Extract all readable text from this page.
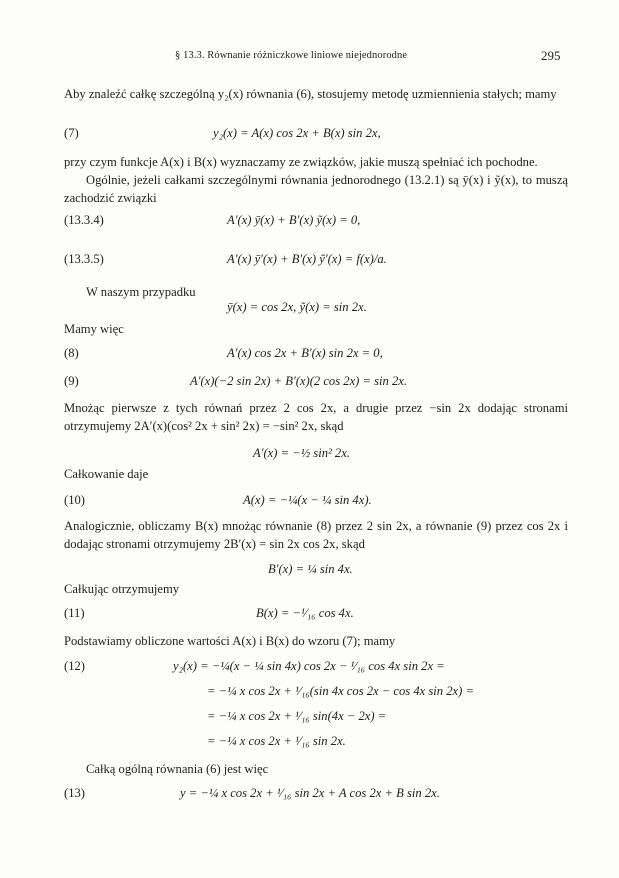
§ 13.3. Równanie różniczkowe liniowe niejednorodne	295
Aby znaleźć całkę szczególną y₂(x) równania (6), stosujemy metodę uzmiennienia stałych; mamy
(7)	y₂(x) = A(x) cos 2x + B(x) sin 2x,
przy czym funkcje A(x) i B(x) wyznaczamy ze związków, jakie muszą spełniać ich pochodne.
Ogólnie, jeżeli całkami szczególnymi równania jednorodnego (13.2.1) są ȳ(x) i ỹ(x), to muszą zachodzić związki
(13.3.4)	A′(x) ȳ(x) + B′(x) ỹ(x) = 0,
(13.3.5)	A′(x) ȳ′(x) + B′(x) ỹ′(x) = f(x)/a.
W naszym przypadku
ȳ(x) = cos 2x, ỹ(x) = sin 2x.
Mamy więc
(8)	A′(x) cos 2x + B′(x) sin 2x = 0,
(9)	A′(x)(−2 sin 2x) + B′(x)(2 cos 2x) = sin 2x.
Mnożąc pierwsze z tych równań przez 2 cos 2x, a drugie przez −sin 2x dodając stronami otrzymujemy 2A′(x)(cos² 2x + sin² 2x) = −sin² 2x, skąd
A′(x) = −½ sin² 2x.
Całkowanie daje
(10)	A(x) = −¼(x − ¼ sin 4x).
Analogicznie, obliczamy B(x) mnożąc równanie (8) przez 2 sin 2x, a równanie (9) przez cos 2x i dodając stronami otrzymujemy 2B′(x) = sin 2x cos 2x, skąd
B′(x) = ¼ sin 4x.
Całkując otrzymujemy
(11)	B(x) = −¹⁄₁₆ cos 4x.
Podstawiamy obliczone wartości A(x) i B(x) do wzoru (7); mamy
(12)	y₂(x) = −¼(x − ¼ sin 4x) cos 2x − ¹⁄₁₆ cos 4x sin 2x =
= −¼ x cos 2x + ¹⁄₁₆(sin 4x cos 2x − cos 4x sin 2x) =
= −¼ x cos 2x + ¹⁄₁₆ sin(4x − 2x) =
= −¼ x cos 2x + ¹⁄₁₆ sin 2x.
Całką ogólną równania (6) jest więc
(13)	y = −¼ x cos 2x + ¹⁄₁₆ sin 2x + A cos 2x + B sin 2x.
